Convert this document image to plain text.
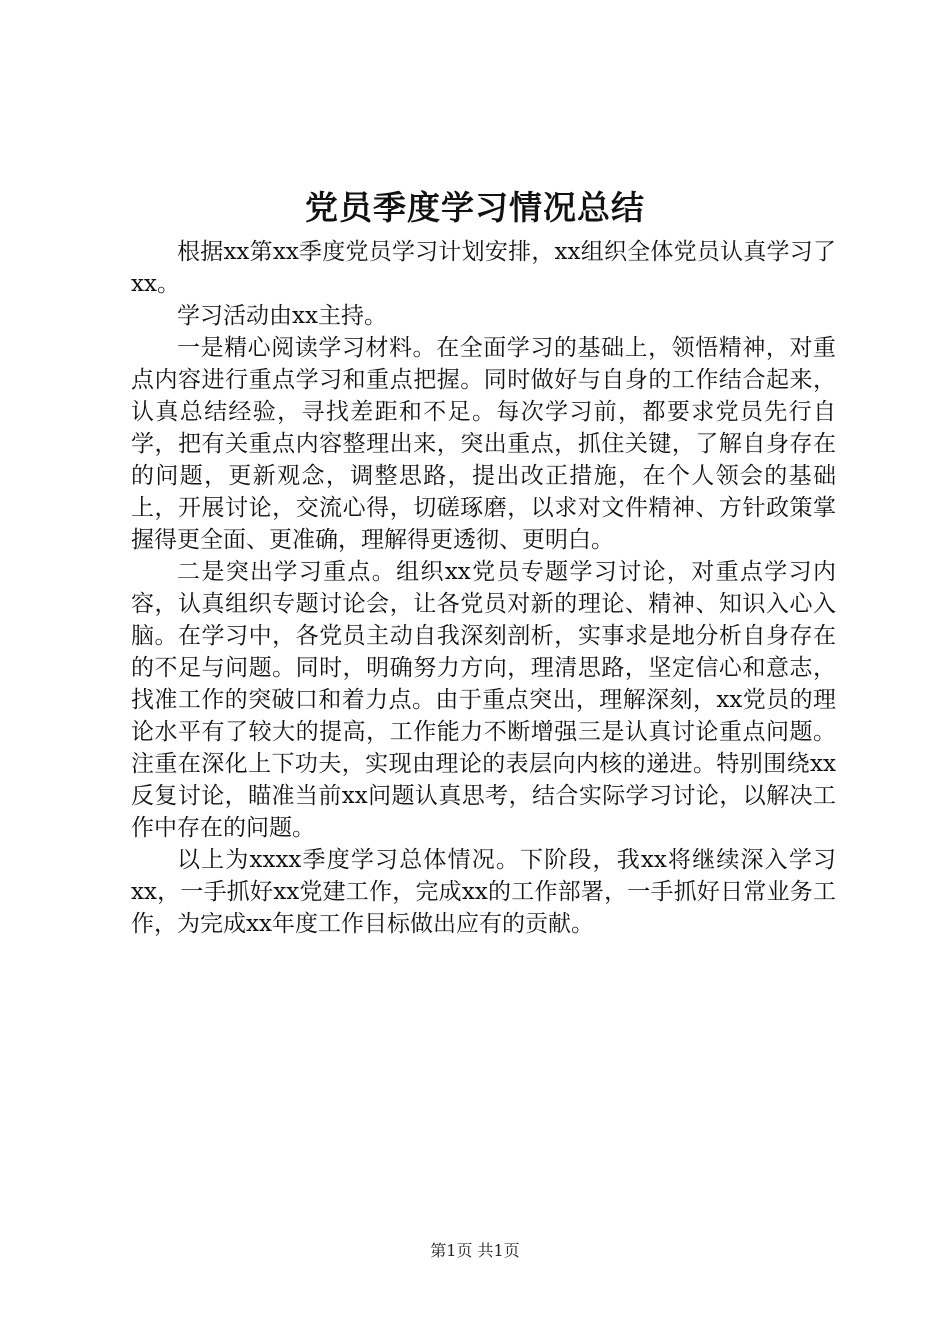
党员季度学习情况总结

根据xx第xx季度党员学习计划安排，xx组织全体党员认真学习了xx。

学习活动由xx主持。

一是精心阅读学习材料。在全面学习的基础上，领悟精神，对重点内容进行重点学习和重点把握。同时做好与自身的工作结合起来，认真总结经验，寻找差距和不足。每次学习前，都要求党员先行自学，把有关重点内容整理出来，突出重点，抓住关键，了解自身存在的问题，更新观念，调整思路，提出改正措施，在个人领会的基础上，开展讨论，交流心得，切磋琢磨，以求对文件精神、方针政策掌握得更全面、更准确，理解得更透彻、更明白。

二是突出学习重点。组织xx党员专题学习讨论，对重点学习内容，认真组织专题讨论会，让各党员对新的理论、精神、知识入心入脑。在学习中，各党员主动自我深刻剖析，实事求是地分析自身存在的不足与问题。同时，明确努力方向，理清思路，坚定信心和意志，找准工作的突破口和着力点。由于重点突出，理解深刻，xx党员的理论水平有了较大的提高，工作能力不断增强三是认真讨论重点问题。注重在深化上下功夫，实现由理论的表层向内核的递进。特别围绕xx反复讨论，瞄准当前xx问题认真思考，结合实际学习讨论，以解决工作中存在的问题。

以上为xxxx季度学习总体情况。下阶段，我xx将继续深入学习xx，一手抓好xx党建工作，完成xx的工作部署，一手抓好日常业务工作，为完成xx年度工作目标做出应有的贡献。

第1页 共1页
